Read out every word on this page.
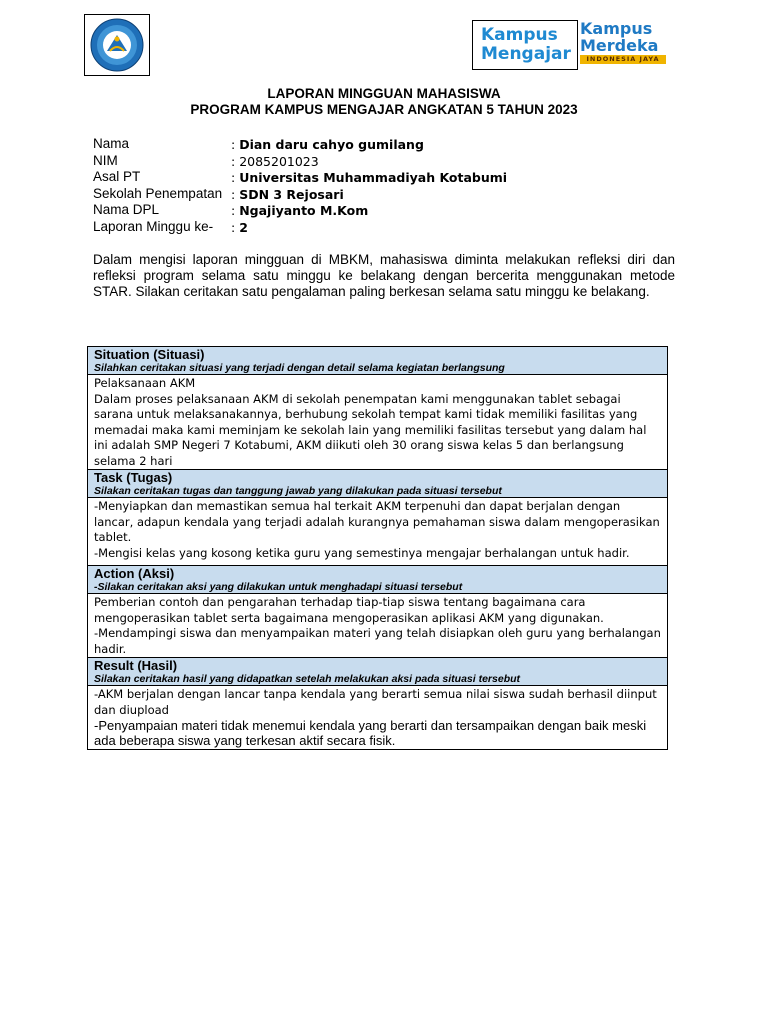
Kampus
Mengajar
Kampus
Merdeka
INDONESIA JAYA
LAPORAN MINGGUAN MAHASISWA
PROGRAM KAMPUS MENGAJAR ANGKATAN 5 TAHUN 2023
Nama	: Dian daru cahyo gumilang
NIM	: 2085201023
Asal PT	: Universitas Muhammadiyah Kotabumi
Sekolah Penempatan : SDN 3 Rejosari
Nama DPL	: Ngajiyanto M.Kom
Laporan Minggu ke- : 2
Dalam mengisi laporan mingguan di MBKM, mahasiswa diminta melakukan refleksi diri dan refleksi program selama satu minggu ke belakang dengan bercerita menggunakan metode STAR. Silakan ceritakan satu pengalaman paling berkesan selama satu minggu ke belakang.
Situation (Situasi)
Silahkan ceritakan situasi yang terjadi dengan detail selama kegiatan berlangsung

Pelaksanaan AKM

Dalam proses pelaksanaan AKM di sekolah penempatan kami menggunakan tablet sebagai sarana untuk melaksanakannya, berhubung sekolah tempat kami tidak memiliki fasilitas yang memadai maka kami meminjam ke sekolah lain yang memiliki fasilitas tersebut yang dalam hal ini adalah SMP Negeri 7 Kotabumi, AKM diikuti oleh 30 orang siswa kelas 5 dan berlangsung selama 2 hari

Task (Tugas)
Silakan ceritakan tugas dan tanggung jawab yang dilakukan pada situasi tersebut

-Menyiapkan dan memastikan semua hal terkait AKM terpenuhi dan dapat berjalan dengan lancar, adapun kendala yang terjadi adalah kurangnya pemahaman siswa dalam mengoperasikan tablet.

-Mengisi kelas yang kosong ketika guru yang semestinya mengajar berhalangan untuk hadir.

Action (Aksi)
-Silakan ceritakan aksi yang dilakukan untuk menghadapi situasi tersebut

Pemberian contoh dan pengarahan terhadap tiap-tiap siswa tentang bagaimana cara mengoperasikan tablet serta bagaimana mengoperasikan aplikasi AKM yang digunakan.

-Mendampingi siswa dan menyampaikan materi yang telah disiapkan oleh guru yang berhalangan hadir.

Result (Hasil)
Silakan ceritakan hasil yang didapatkan setelah melakukan aksi pada situasi tersebut

-AKM berjalan dengan lancar tanpa kendala yang berarti semua nilai siswa sudah berhasil diinput dan diupload

-Penyampaian materi tidak menemui kendala yang berarti dan tersampaikan dengan baik meski ada beberapa siswa yang terkesan aktif secara fisik.
